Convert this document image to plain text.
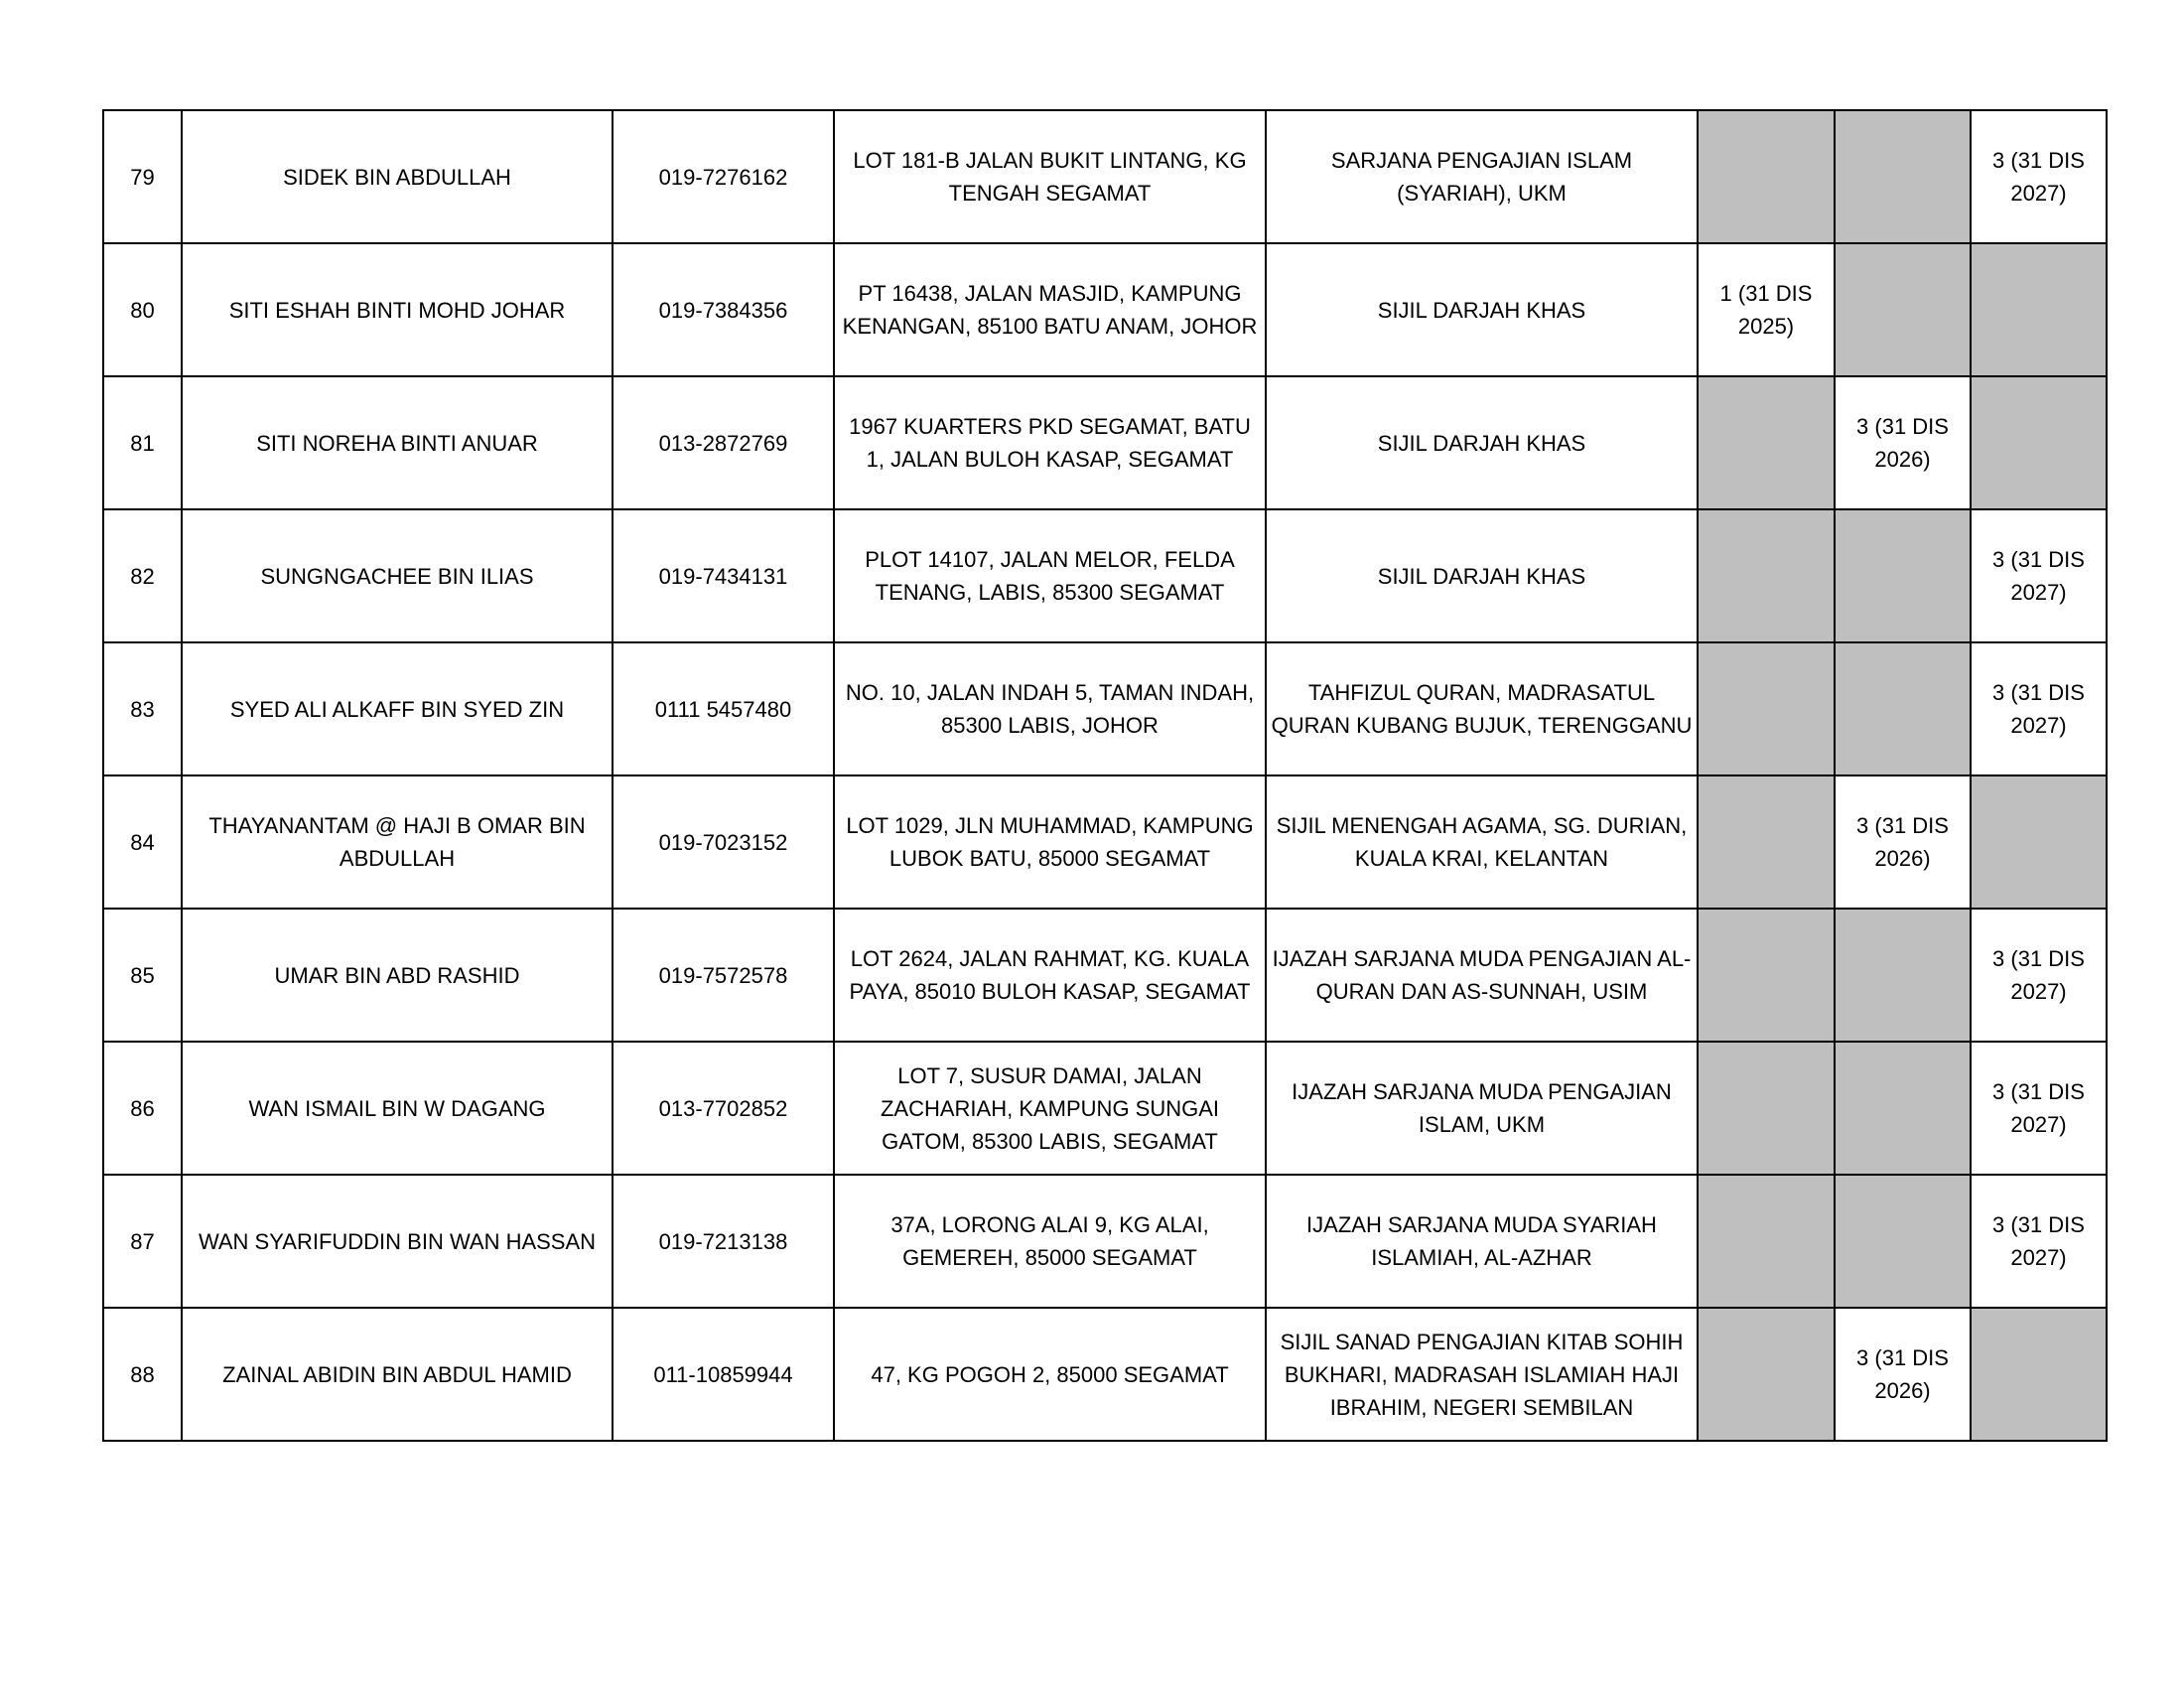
79	SIDEK BIN ABDULLAH	019-7276162	LOT 181-B JALAN BUKIT LINTANG, KG TENGAH SEGAMAT	SARJANA PENGAJIAN ISLAM (SYARIAH), UKM			3 (31 DIS 2027)

80	SITI ESHAH BINTI MOHD JOHAR	019-7384356	PT 16438, JALAN MASJID, KAMPUNG KENANGAN, 85100 BATU ANAM, JOHOR	SIJIL DARJAH KHAS	1 (31 DIS 2025)		

81	SITI NOREHA BINTI ANUAR	013-2872769	1967 KUARTERS PKD SEGAMAT, BATU 1, JALAN BULOH KASAP, SEGAMAT	SIJIL DARJAH KHAS		3 (31 DIS 2026)	

82	SUNGNGACHEE BIN ILIAS	019-7434131	PLOT 14107, JALAN MELOR, FELDA TENANG, LABIS, 85300 SEGAMAT	SIJIL DARJAH KHAS			3 (31 DIS 2027)

83	SYED ALI ALKAFF BIN SYED ZIN	0111 5457480	NO. 10, JALAN INDAH 5, TAMAN INDAH, 85300 LABIS, JOHOR	TAHFIZUL QURAN, MADRASATUL QURAN KUBANG BUJUK, TERENGGANU			3 (31 DIS 2027)

84	THAYANANTAM @ HAJI B OMAR BIN ABDULLAH	019-7023152	LOT 1029, JLN MUHAMMAD, KAMPUNG LUBOK BATU, 85000 SEGAMAT	SIJIL MENENGAH AGAMA, SG. DURIAN, KUALA KRAI, KELANTAN		3 (31 DIS 2026)	

85	UMAR BIN ABD RASHID	019-7572578	LOT 2624, JALAN RAHMAT, KG. KUALA PAYA, 85010 BULOH KASAP, SEGAMAT	IJAZAH SARJANA MUDA PENGAJIAN AL-QURAN DAN AS-SUNNAH, USIM			3 (31 DIS 2027)

86	WAN ISMAIL BIN W DAGANG	013-7702852	LOT 7, SUSUR DAMAI, JALAN ZACHARIAH, KAMPUNG SUNGAI GATOM, 85300 LABIS, SEGAMAT	IJAZAH SARJANA MUDA PENGAJIAN ISLAM, UKM			3 (31 DIS 2027)

87	WAN SYARIFUDDIN BIN WAN HASSAN	019-7213138	37A, LORONG ALAI 9, KG ALAI, GEMEREH, 85000 SEGAMAT	IJAZAH SARJANA MUDA SYARIAH ISLAMIAH, AL-AZHAR			3 (31 DIS 2027)

88	ZAINAL ABIDIN BIN ABDUL HAMID	011-10859944	47, KG POGOH 2, 85000 SEGAMAT	SIJIL SANAD PENGAJIAN KITAB SOHIH BUKHARI, MADRASAH ISLAMIAH HAJI IBRAHIM, NEGERI SEMBILAN		3 (31 DIS 2026)	
